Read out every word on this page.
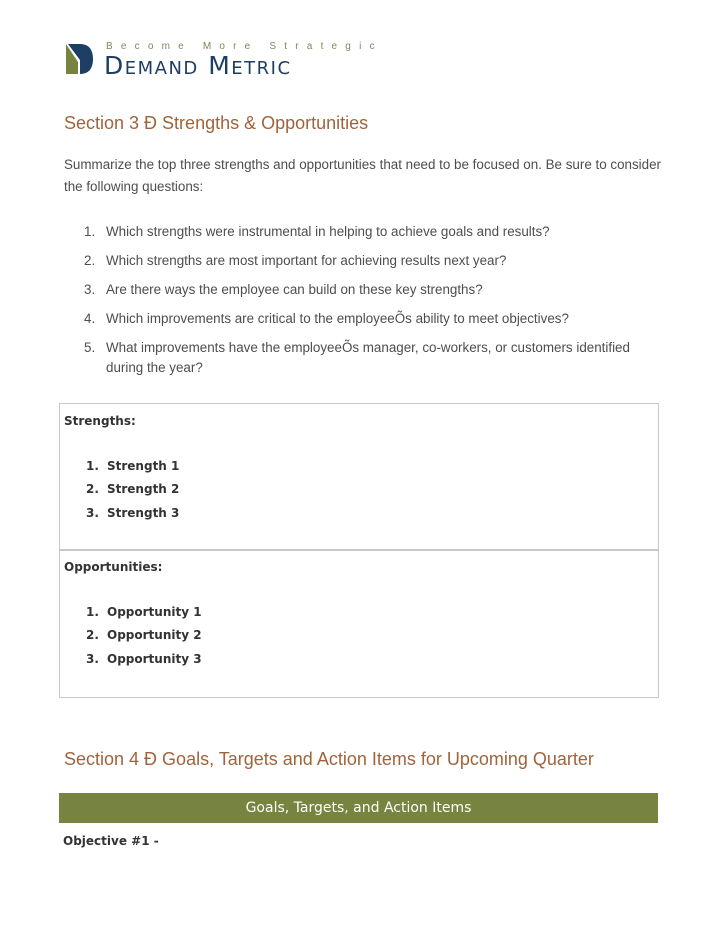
Become More Strategic
Demand Metric
Section 3 Ð Strengths & Opportunities
Summarize the top three strengths and opportunities that need to be focused on. Be sure to consider the following questions:
1. Which strengths were instrumental in helping to achieve goals and results?
2. Which strengths are most important for achieving results next year?
3. Are there ways the employee can build on these key strengths?
4. Which improvements are critical to the employeeÕs ability to meet objectives?
5. What improvements have the employeeÕs manager, co-workers, or customers identified during the year?
Strengths:
1. Strength 1
2. Strength 2
3. Strength 3
Opportunities:
1. Opportunity 1
2. Opportunity 2
3. Opportunity 3
Section 4 Ð Goals, Targets and Action Items for Upcoming Quarter
Goals, Targets, and Action Items
Objective #1 -
